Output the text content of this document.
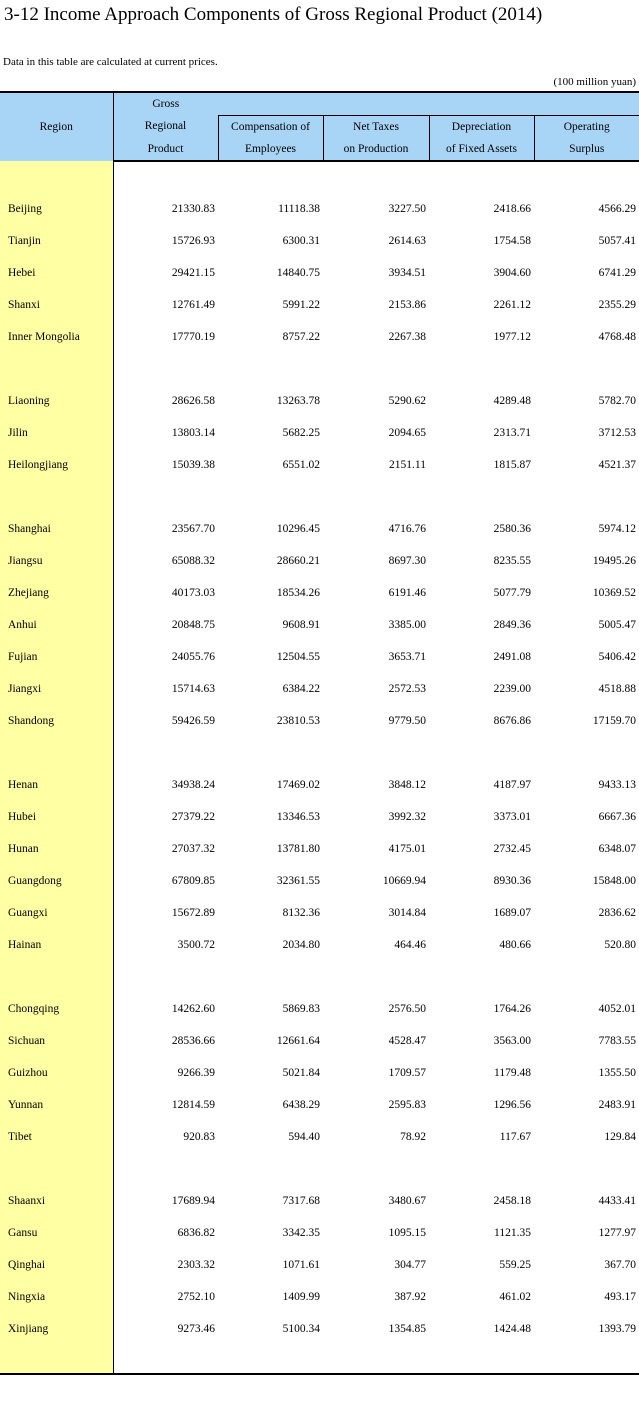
3-12 Income Approach Components of Gross Regional Product (2014)
Data in this table are calculated at current prices.
(100 million yuan)
Region	Gross				
	Regional	Compensation of	Net Taxes	Depreciation	Operating
	Product	Employees	on Production	of Fixed Assets	Surplus

Beijing	21330.83	11118.38	3227.50	2418.66	4566.29
Tianjin	15726.93	6300.31	2614.63	1754.58	5057.41
Hebei	29421.15	14840.75	3934.51	3904.60	6741.29
Shanxi	12761.49	5991.22	2153.86	2261.12	2355.29
Inner Mongolia	17770.19	8757.22	2267.38	1977.12	4768.48

Liaoning	28626.58	13263.78	5290.62	4289.48	5782.70
Jilin	13803.14	5682.25	2094.65	2313.71	3712.53
Heilongjiang	15039.38	6551.02	2151.11	1815.87	4521.37

Shanghai	23567.70	10296.45	4716.76	2580.36	5974.12
Jiangsu	65088.32	28660.21	8697.30	8235.55	19495.26
Zhejiang	40173.03	18534.26	6191.46	5077.79	10369.52
Anhui	20848.75	9608.91	3385.00	2849.36	5005.47
Fujian	24055.76	12504.55	3653.71	2491.08	5406.42
Jiangxi	15714.63	6384.22	2572.53	2239.00	4518.88
Shandong	59426.59	23810.53	9779.50	8676.86	17159.70

Henan	34938.24	17469.02	3848.12	4187.97	9433.13
Hubei	27379.22	13346.53	3992.32	3373.01	6667.36
Hunan	27037.32	13781.80	4175.01	2732.45	6348.07
Guangdong	67809.85	32361.55	10669.94	8930.36	15848.00
Guangxi	15672.89	8132.36	3014.84	1689.07	2836.62
Hainan	3500.72	2034.80	464.46	480.66	520.80

Chongqing	14262.60	5869.83	2576.50	1764.26	4052.01
Sichuan	28536.66	12661.64	4528.47	3563.00	7783.55
Guizhou	9266.39	5021.84	1709.57	1179.48	1355.50
Yunnan	12814.59	6438.29	2595.83	1296.56	2483.91
Tibet	920.83	594.40	78.92	117.67	129.84

Shaanxi	17689.94	7317.68	3480.67	2458.18	4433.41
Gansu	6836.82	3342.35	1095.15	1121.35	1277.97
Qinghai	2303.32	1071.61	304.77	559.25	367.70
Ningxia	2752.10	1409.99	387.92	461.02	493.17
Xinjiang	9273.46	5100.34	1354.85	1424.48	1393.79
